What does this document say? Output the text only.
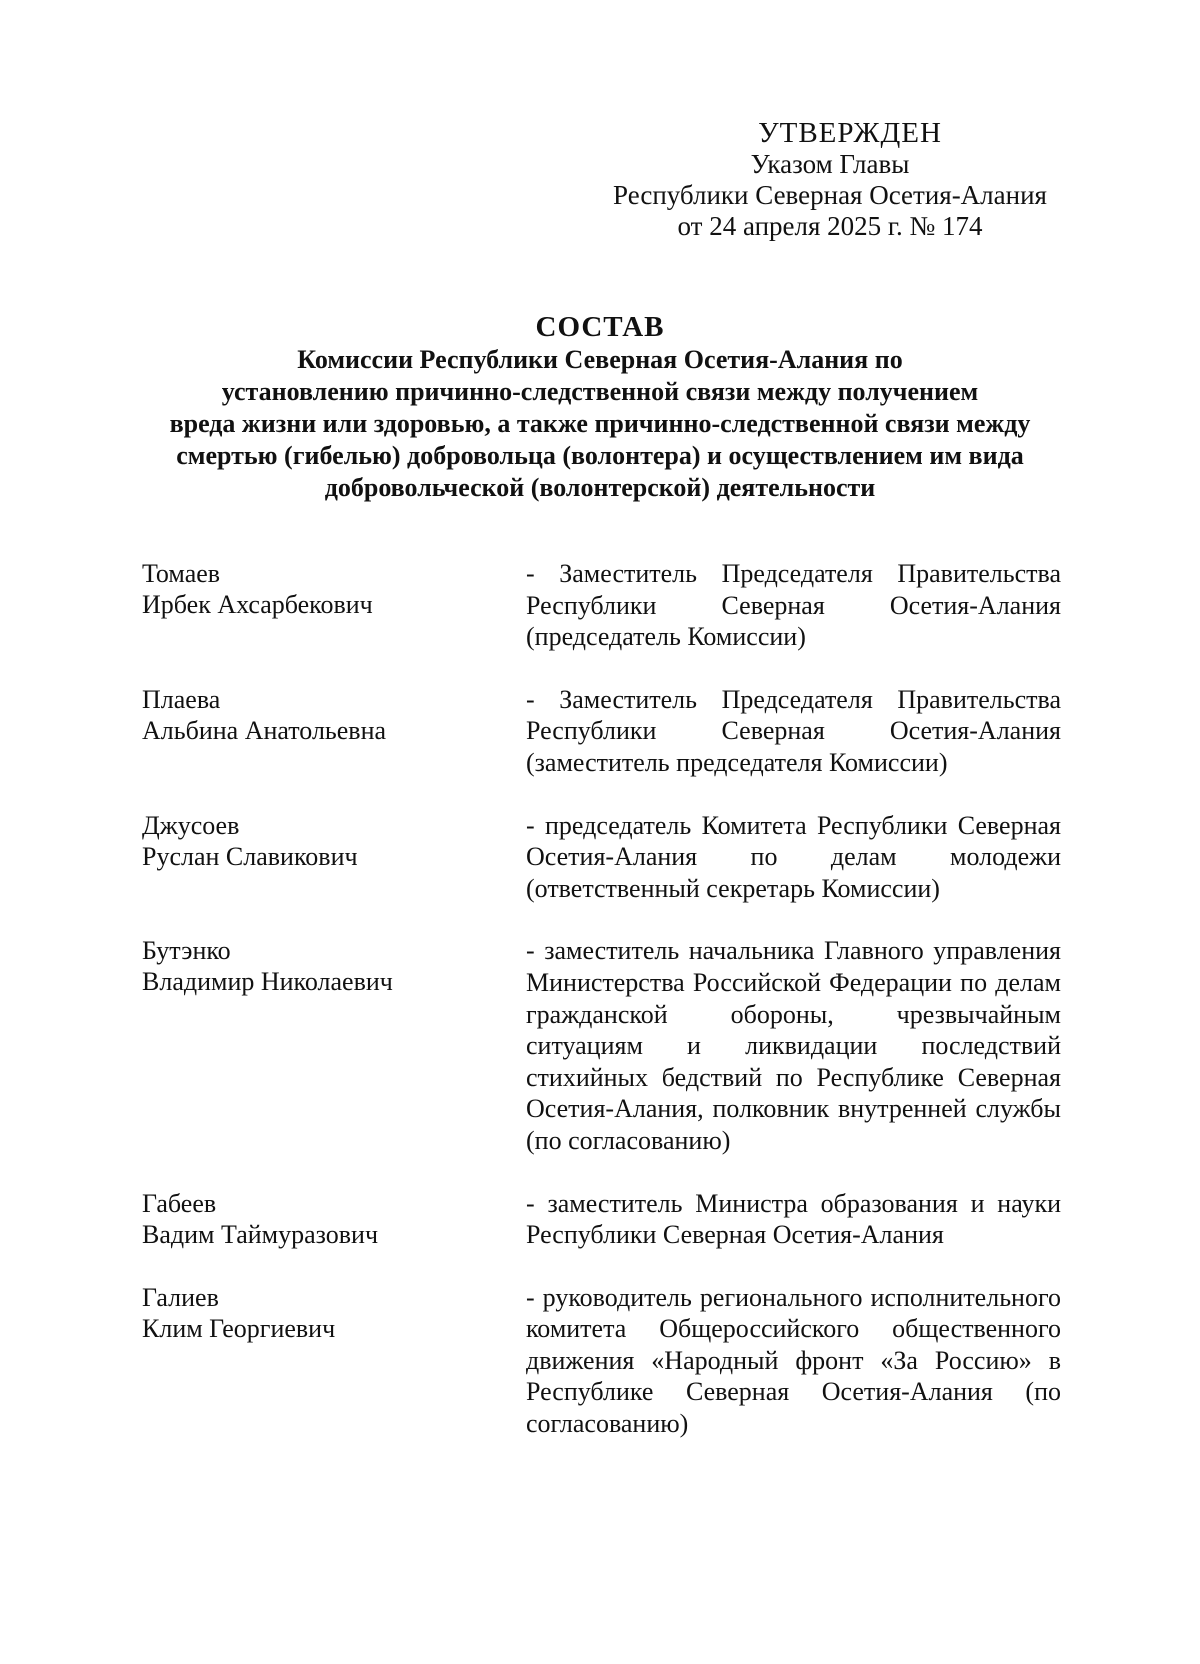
УТВЕРЖДЕН
Указом Главы
Республики Северная Осетия-Алания
от 24 апреля 2025 г. № 174
СОСТАВ
Комиссии Республики Северная Осетия-Алания по
установлению причинно-следственной связи между получением
вреда жизни или здоровью, а также причинно-следственной связи между
смертью (гибелью) добровольца (волонтера) и осуществлением им вида
добровольческой (волонтерской) деятельности
Томаев
Ирбек Ахсарбекович
- Заместитель Председателя Правительства Республики Северная Осетия-Алания (председатель Комиссии)
Плаева
Альбина Анатольевна
- Заместитель Председателя Правительства Республики Северная Осетия-Алания (заместитель председателя Комиссии)
Джусоев
Руслан Славикович
- председатель Комитета Республики Северная Осетия-Алания по делам молодежи (ответственный секретарь Комиссии)
Бутэнко
Владимир Николаевич
- заместитель начальника Главного управления Министерства Российской Федерации по делам гражданской обороны, чрезвычайным ситуациям и ликвидации последствий стихийных бедствий по Республике Северная Осетия-Алания, полковник внутренней службы (по согласованию)
Габеев
Вадим Таймуразович
- заместитель Министра образования и науки Республики Северная Осетия-Алания
Галиев
Клим Георгиевич
- руководитель регионального исполнительного комитета Общероссийского общественного движения «Народный фронт «За Россию» в Республике Северная Осетия-Алания (по согласованию)
